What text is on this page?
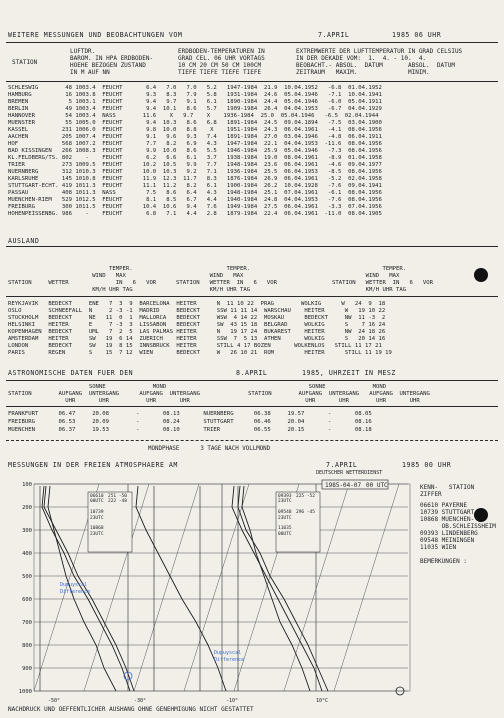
WEITERE MESSUNGEN UND BEOBACHTUNGEN VOM	7.APRIL	1985 06 UHR
STATION
LUFTDR.
BAROM. IN HPA ERDBODEN-
HOEHE BEZOGEN ZUSTAND
IN M AUF NN
ERDBODEN-TEMPERATUREN IN
GRAD CEL. 06 UHR VORTAGS
10 CM 20 CM 50 CM 100CM
TIEFE TIEFE TIEFE TIEFE
EXTREMWERTE DER LUFTTEMPERATUR IN GRAD CELSIUS
IN DER DEKADE VOM:  1.  4. - 10.  4.
BEOBACHT.- ABSOL.  DATUM       ABSOL.  DATUM
ZEITRAUM   MAXIM.              MINIM.
SCHLESWIG        48 1003.4  FEUCHT       6.4   7.0   7.0   5.2   1947-1984  21.9  10.04.1952   -6.8  01.04.1952
HAMBURG          16 1003.8  FEUCHT       9.3   8.3   7.9   5.8   1931-1984  24.6  05.04.1946   -7.1  10.04.1941
BREMEN            5 1003.1  FEUCHT       9.4   9.7   9.1   6.1   1890-1984  24.4  05.04.1946   -6.0  05.04.1911
BERLIN           49 1003.4  FEUCHT       9.4  10.1   8.6   5.7   1909-1984  26.4  04.04.1953   -6.7  04.04.1929
HANNOVER         54 1003.4  NASS        11.6    X   9.7    X    1936-1984  25.0  05.04.1946   -6.5  02.04.1944
MUENSTER         55 1005.0  FEUCHT       9.4  10.3   8.6   6.8   1891-1984  24.5  09.04.1894   -7.5  03.04.1900
KASSEL          231 1006.0  FEUCHT       9.8  10.0   8.8    X    1951-1984  24.3  06.04.1961   -4.1  08.04.1956
AACHEN          205 1007.4  FEUCHT       9.1   9.6   9.3   7.4   1891-1984  27.0  03.04.1946   -4.8  06.04.1911
HOF             568 1007.2  FEUCHT       7.7   8.2   6.9   4.3   1947-1984  22.1  04.04.1953  -11.6  08.04.1956
BAD KISSINGEN   266 1008.3  FEUCHT       9.9  10.0   8.6   5.5   1946-1984  25.9  05.04.1946   -7.3  08.04.1956
KL.FELDBERG/TS. 802    -    FEUCHT       6.2   6.6   6.1   3.7   1938-1984  19.0  08.04.1961   -8.9  01.04.1958
TRIER           273 1009.5  FEUCHT      10.2  10.5   9.9   7.7   1948-1984  23.6  06.04.1961   -4.6  09.04.1977
NUERNBERG       312 1010.3  FEUCHT      10.0  10.3   9.2   7.1   1936-1984  25.5  06.04.1953   -8.5  08.04.1956
KARLSRUHE       145 1010.8  FEUCHT      11.9  12.3  11.7   8.3   1876-1984  26.9  06.04.1961   -5.2  02.04.1958
STUTTGART-ECHT. 419 1011.3  FEUCHT      11.1  11.2   8.2   6.1   1900-1984  26.2  10.04.1928   -7.6  09.04.1941
PASSAU          408 1011.3  NASS         7.5   8.6   6.4   4.3   1948-1984  25.1  07.04.1961   -6.1  08.04.1956
MUENCHEN-RIEM   529 1012.5  FEUCHT       8.1   8.5   6.7   4.4   1940-1984  24.8  04.04.1953   -7.6  08.04.1956
FREIBURG        300 1011.5  FEUCHT      10.4  10.6   9.4   7.6   1949-1984  27.5  06.04.1961   -3.3  07.04.1956
HOHENPEISSENBG. 986    -    FEUCHT       6.8   7.1   4.4   2.8   1879-1984  22.4  06.04.1961  -11.0  08.04.1905
AUSLAND
TEMPER.
WIND   MAX
STATION     WETTER              IN   6   VOR
KM/H UHR TAG
TEMPER.
WIND   MAX
STATION   WETTER  IN   6   VOR
KM/H UHR TAG
TEMPER.
WIND   MAX
STATION   WETTER  IN   6   VOR
KM/H UHR TAG
REYKJAVIK   BEDECKT     ENE   7  3  9  BARCELONA  HEITER      N  11 10 22  PRAG        WOLKIG      W   24  9  18
OSLO        SCHNEEFALL  N     2 -3 -1  MADRID     BEDECKT     SSW 11 11 14  WARSCHAU    HEITER      W   19 10 22
STOCKHOLM   BEDECKT     NE   11  0  1  MALLORCA   BEDECKT     WSW  4 14 22  MOSKAU      BEDECKT     NW  11 -3  2
HELSINKI    HEITER      E     7 -3  3  LISSABON   BEDECKT     SW  43 15 18  BELGRAD     WOLKIG      S    7 16 24
KOPENHAGEN  BEDECKT     UML   7  2  5  LAS PALMAS HEITER      N   19 17 24  BUKAREST    HEITER      NW  24 18 26
AMSTERDAM   HEITER      SW   19  6 14  ZUERICH    HEITER      SSW  7  5 13  ATHEN       WOLKIG      S   20 14 16
LONDON      BEDECKT     SW   19  8 15  INNSBRUCK  HEITER      STILL 4 17 BOZEN       WOLKENLOS   STILL 11 17 21
PARIS       REGEN       S    15  7 12  WIEN       BEDECKT     W   26 10 21  ROM         HEITER      STILL 11 19 19
ASTRONOMISCHE DATEN FUER DEN	8.APRIL	1985, UHRZEIT IN MESZ
SONNE              MOND
STATION        AUFGANG  UNTERGANG      AUFGANG  UNTERGANG
UHR       UHR           UHR       UHR
SONNE              MOND
STATION        AUFGANG  UNTERGANG   AUFGANG  UNTERGANG
UHR       UHR        UHR       UHR
FRANKFURT      06.47     20.08        -       08.13       NUERNBERG      06.38     19.57       -       08.05
FREIBURG       06.53     20.09        -       08.24       STUTTGART      06.46     20.04       -       08.16
MUENCHEN       06.37     19.53        -       08.10       TRIER          06.55     20.15       -       08.18
MONDPHASE      3 TAGE NACH VOLLMOND
MESSUNGEN IN DER FREIEN ATMOSPHAERE AM	7.APRIL	1985 00 UHR
DEUTSCHER WETTERDIENST
1985-04-07 00 UTC
100
200
300
400
500
600
700
800
900
1000
-50°	-30°	-10°	10°C
06610
00UTC

10739
23UTC

10868
23UTC
251 -50
222 -48

09393
23UTC

09548
23UTC

11035
00UTC
225 -52

296 -45

Dupuyscal
Difference
Dupuyscal
Difference
KENN-   STATION
ZIFFER
06610 PAYERNE
10739 STUTTGART
10868 MUENCHEN-
OB.SCHLEISSHEIM
09393 LINDENBERG
09548 MEININGEN
11035 WIEN
BEMERKUNGEN :
NACHDRUCK UND OEFFENTLICHER AUSHANG OHNE GENEHMIGUNG NICHT GESTATTET
